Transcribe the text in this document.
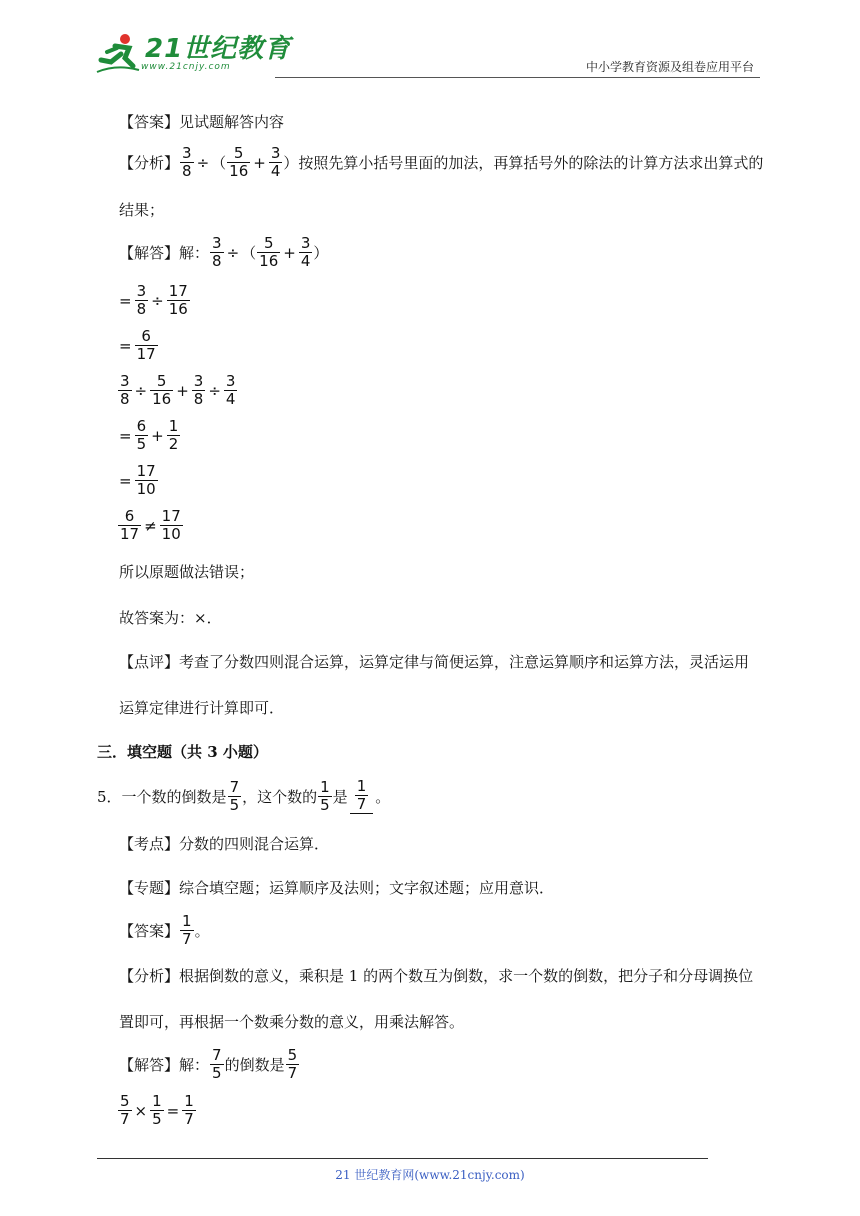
21世纪教育
www.21cnjy.com	中小学教育资源及组卷应用平台
【答案】 见试题解答内容
【分析】 $\frac{3}{8}$ ÷ （ $\frac{5}{16} + \frac{3}{4}$ ） 按照先算小括号里面的加法，再算括号外的除法的计算方法求出算式的
结果；
【解答】 解： $\frac{3}{8}$ ÷ （ $\frac{5}{16} + \frac{3}{4}$ ）
= $\frac{3}{8} \div \frac{17}{16}$
= $\frac{6}{17}$
$\frac{3}{8} \div \frac{5}{16} + \frac{3}{8} \div \frac{3}{4}$
= $\frac{6}{5} + \frac{1}{2}$
= $\frac{17}{10}$
$\frac{6}{17} \ne \frac{17}{10}$
所以原题做法错误；
故答案为：×．
【点评】 考查了分数四则混合运算，运算定律与简便运算，注意运算顺序和运算方法，灵活运用
运算定律进行计算即可．
三．填空题（共 3 小题）
5． 一个数的倒数是 $\frac{7}{5}$ ，这个数的 $\frac{1}{5}$ 是 $\frac{1}{7}$ 。
【考点】 分数的四则混合运算．
【专题】 综合填空题；运算顺序及法则；文字叙述题；应用意识．
【答案】 $\frac{1}{7}$ 。
【分析】 根据倒数的意义，乘积是 1 的两个数互为倒数，求一个数的倒数，把分子和分母调换位
置即可，再根据一个数乘分数的意义，用乘法解答。
【解答】 解： $\frac{7}{5}$ 的倒数是 $\frac{5}{7}$
$\frac{5}{7} \times \frac{1}{5} = \frac{1}{7}$
21 世纪教育网(www.21cnjy.com)
